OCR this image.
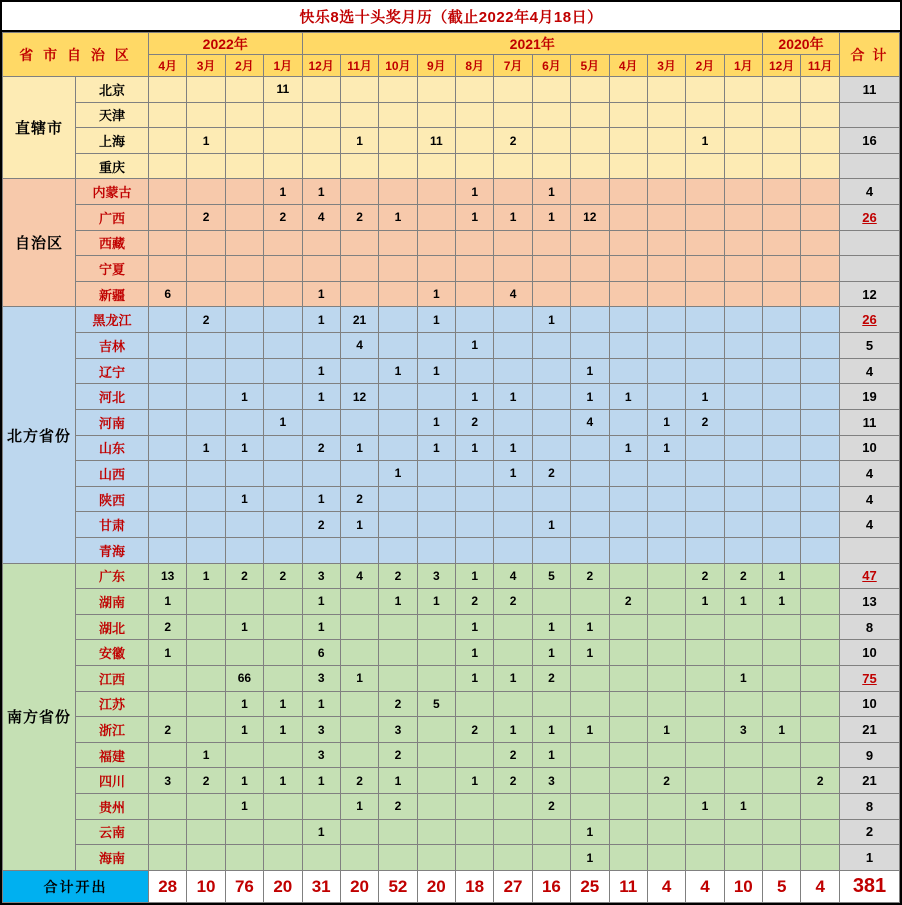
快乐8选十头奖月历（截止2022年4月18日）
省 市 自 治 区		2022年				2021年												2020年		合 计
		4月	3月	2月	1月	12月	11月	10月	9月	8月	7月	6月	5月	4月	3月	2月	1月	12月	11月	
直辖市	北京				11															11
	天津																			
	上海		1				1		11		2					1				16
	重庆																			
自治区	内蒙古				1	1				1		1								4
	广西		2		2	4	2	1		1	1	1	12							26
	西藏																			
	宁夏																			
	新疆	6				1			1		4									12
北方省份	黑龙江		2			1	21		1			1								26
	吉林						4			1										5
	辽宁					1		1	1				1							4
	河北			1		1	12			1	1		1	1		1				19
	河南				1				1	2			4		1	2				11
	山东		1	1		2	1		1	1	1			1	1					10
	山西							1			1	2								4
	陕西			1		1	2													4
	甘肃					2	1					1								4
	青海																			
南方省份	广东	13	1	2	2	3	4	2	3	1	4	5	2			2	2	1		47
	湖南	1				1		1	1	2	2			2		1	1	1		13
	湖北	2		1		1				1		1	1							8
	安徽	1				6				1		1	1							10
	江西			66		3	1			1	1	2					1			75
	江苏			1	1	1		2	5											10
	浙江	2		1	1	3		3		2	1	1	1		1		3	1		21
	福建		1			3		2			2	1								9
	四川	3	2	1	1	1	2	1		1	2	3			2				2	21
	贵州			1			1	2				2				1	1			8
	云南					1							1							2
	海南												1							1
合计开出		28	10	76	20	31	20	52	20	18	27	16	25	11	4	4	10	5	4	381
